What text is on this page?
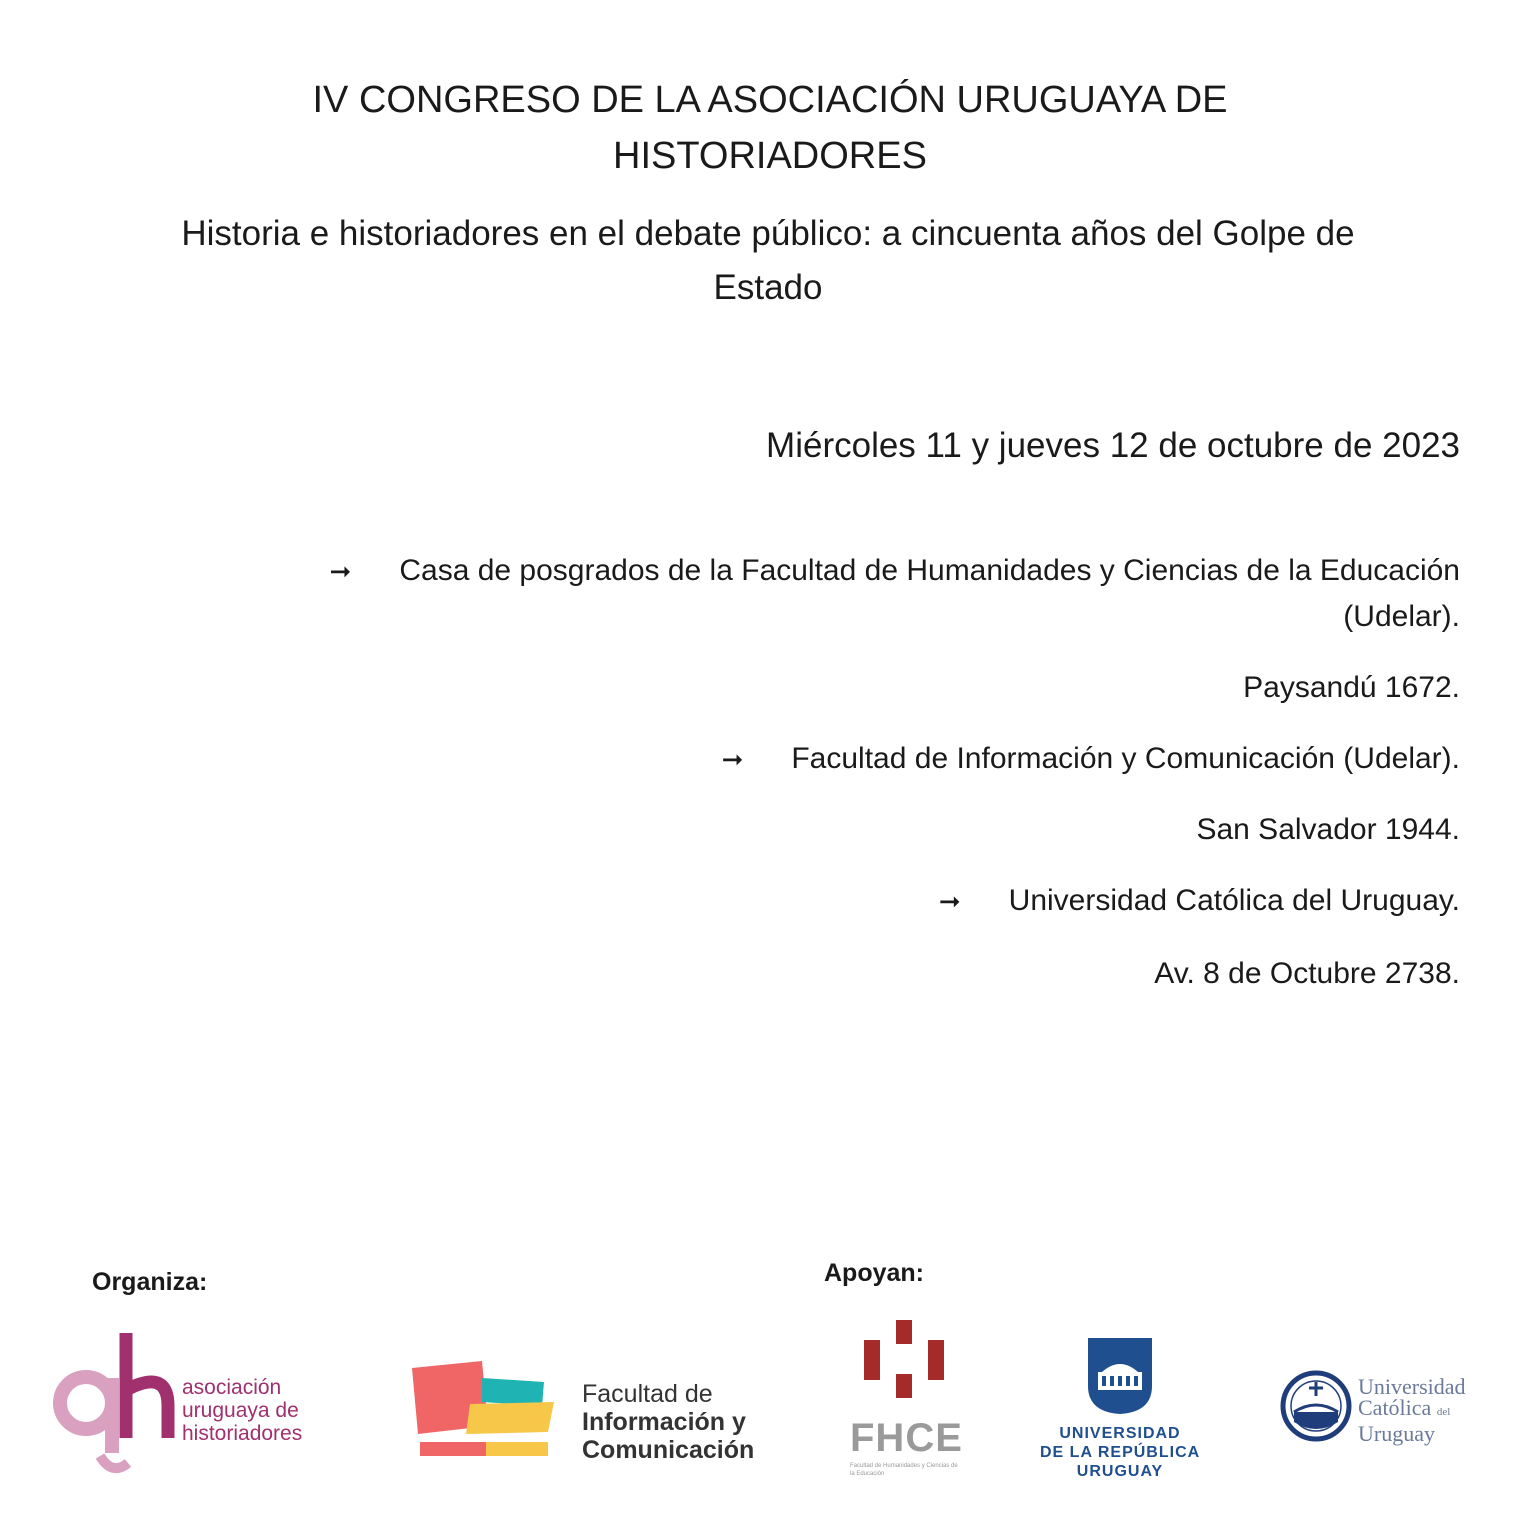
IV CONGRESO DE LA ASOCIACIÓN URUGUAYA DE
HISTORIADORES
Historia e historiadores en el debate público: a cincuenta años del Golpe de
Estado
Miércoles 11 y jueves 12 de octubre de 2023
➞ Casa de posgrados de la Facultad de Humanidades y Ciencias de la Educación
(Udelar).
Paysandú 1672.
➞ Facultad de Información y Comunicación (Udelar).
San Salvador 1944.
➞ Universidad Católica del Uruguay.
Av. 8 de Octubre 2738.
Organiza:	Apoyan:
asociación
uruguaya de
historiadores
Facultad de
Información y
Comunicación FHCE
Facultad de Humanidades y Ciencias de la Educación
UNIVERSIDAD
DE LA REPÚBLICA
URUGUAY
Universidad
Católica del
Uruguay
